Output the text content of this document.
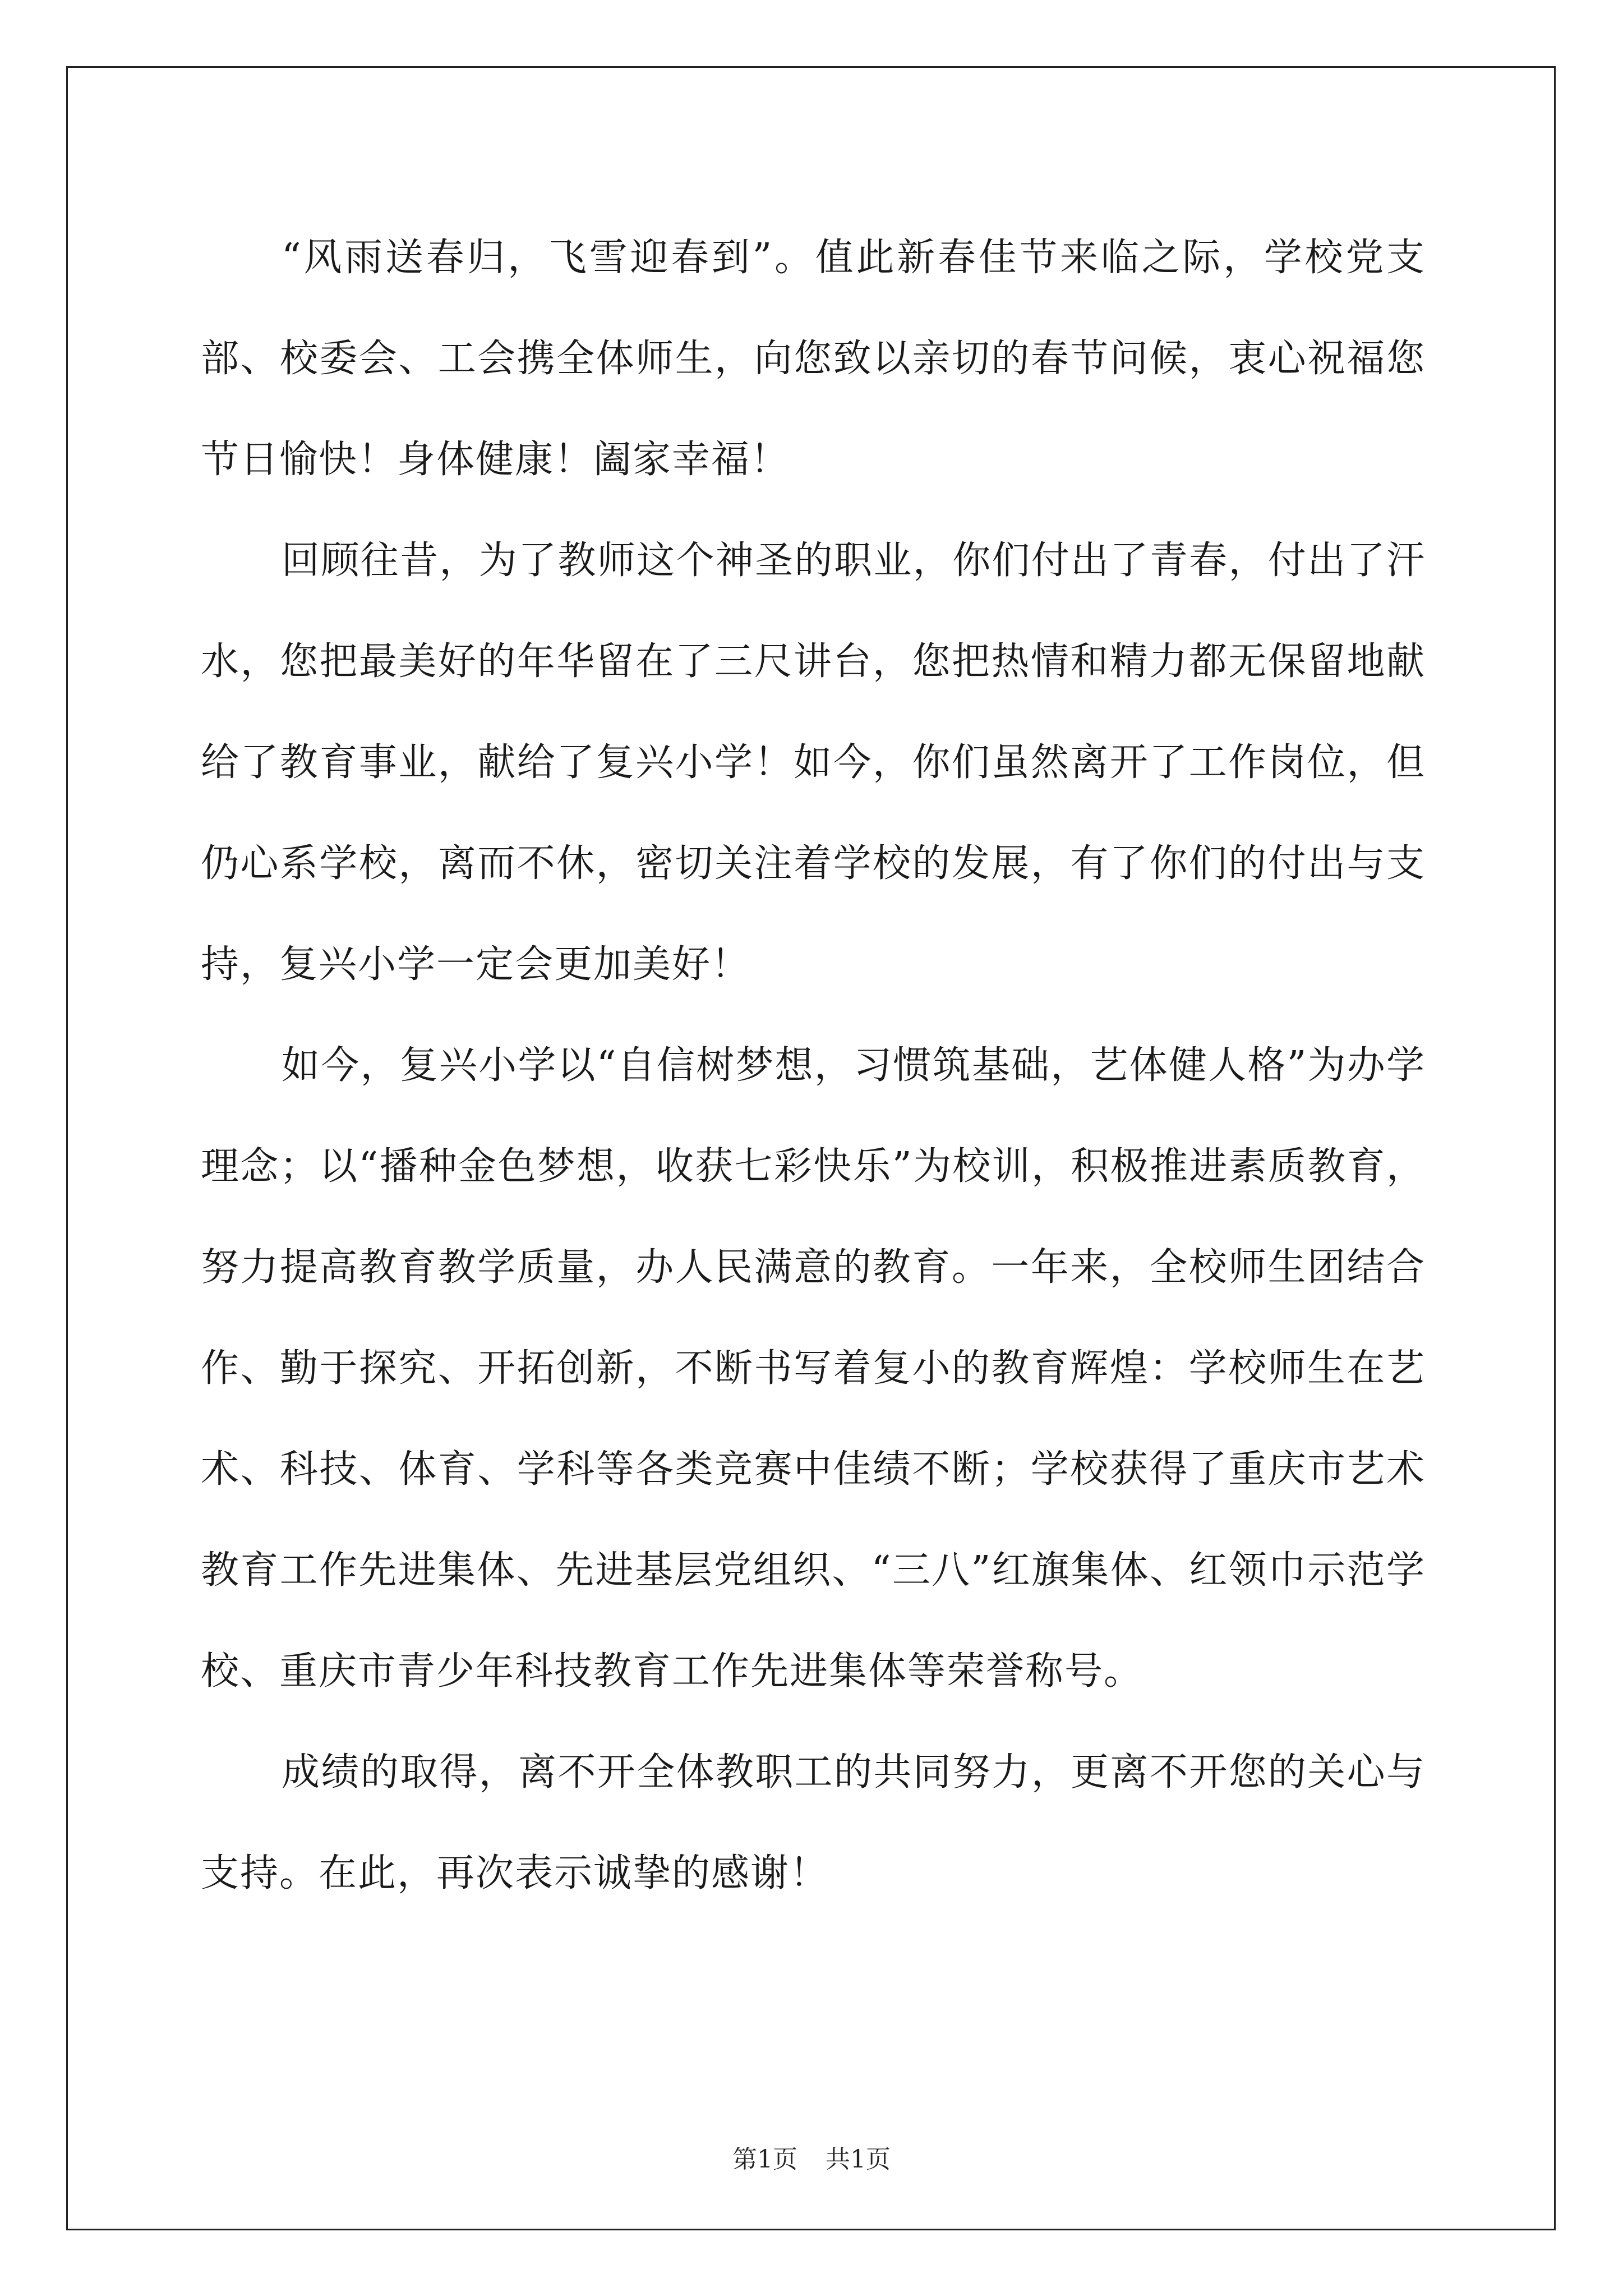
“风雨送春归，飞雪迎春到”。值此新春佳节来临之际，学校党支部、校委会、工会携全体师生，向您致以亲切的春节问候，衷心祝福您节日愉快！身体健康！阖家幸福！

回顾往昔，为了教师这个神圣的职业，你们付出了青春，付出了汗水，您把最美好的年华留在了三尺讲台，您把热情和精力都无保留地献给了教育事业，献给了复兴小学！如今，你们虽然离开了工作岗位，但仍心系学校，离而不休，密切关注着学校的发展，有了你们的付出与支持，复兴小学一定会更加美好！

如今，复兴小学以“自信树梦想，习惯筑基础，艺体健人格”为办学理念；以“播种金色梦想，收获七彩快乐”为校训，积极推进素质教育，努力提高教育教学质量，办人民满意的教育。一年来，全校师生团结合作、勤于探究、开拓创新，不断书写着复小的教育辉煌：学校师生在艺术、科技、体育、学科等各类竞赛中佳绩不断；学校获得了重庆市艺术教育工作先进集体、先进基层党组织、“三八”红旗集体、红领巾示范学校、重庆市青少年科技教育工作先进集体等荣誉称号。

成绩的取得，离不开全体教职工的共同努力，更离不开您的关心与支持。在此，再次表示诚挚的感谢！

第1页 共1页
